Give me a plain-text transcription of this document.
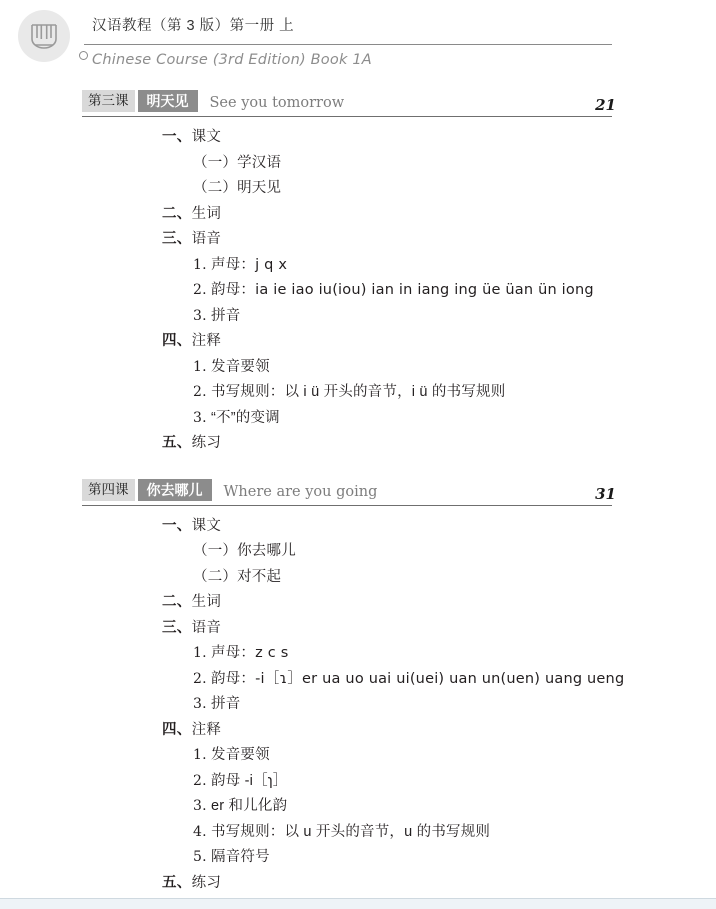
汉语教程（第 3 版）第一册 上
Chinese Course (3rd Edition) Book 1A
第三课	明天见	See you tomorrow	21
一、课文
（一）学汉语
（二）明天见
二、生词
三、语音
1. 声母：j q x
2. 韵母：ia ie iao iu(iou) ian in iang ing üe üan ün iong
3. 拼音
四、注释
1. 发音要领
2. 书写规则：以 i ü 开头的音节，i ü 的书写规则
3. “不”的变调
五、练习
第四课	你去哪儿	Where are you going	31
一、课文
（一）你去哪儿
（二）对不起
二、生词
三、语音
1. 声母：z c s
2. 韵母：-i［ɿ］er ua uo uai ui(uei) uan un(uen) uang ueng
3. 拼音
四、注释
1. 发音要领
2. 韵母 -i［ɿ］
3. er 和儿化韵
4. 书写规则：以 u 开头的音节，u 的书写规则
5. 隔音符号
五、练习
